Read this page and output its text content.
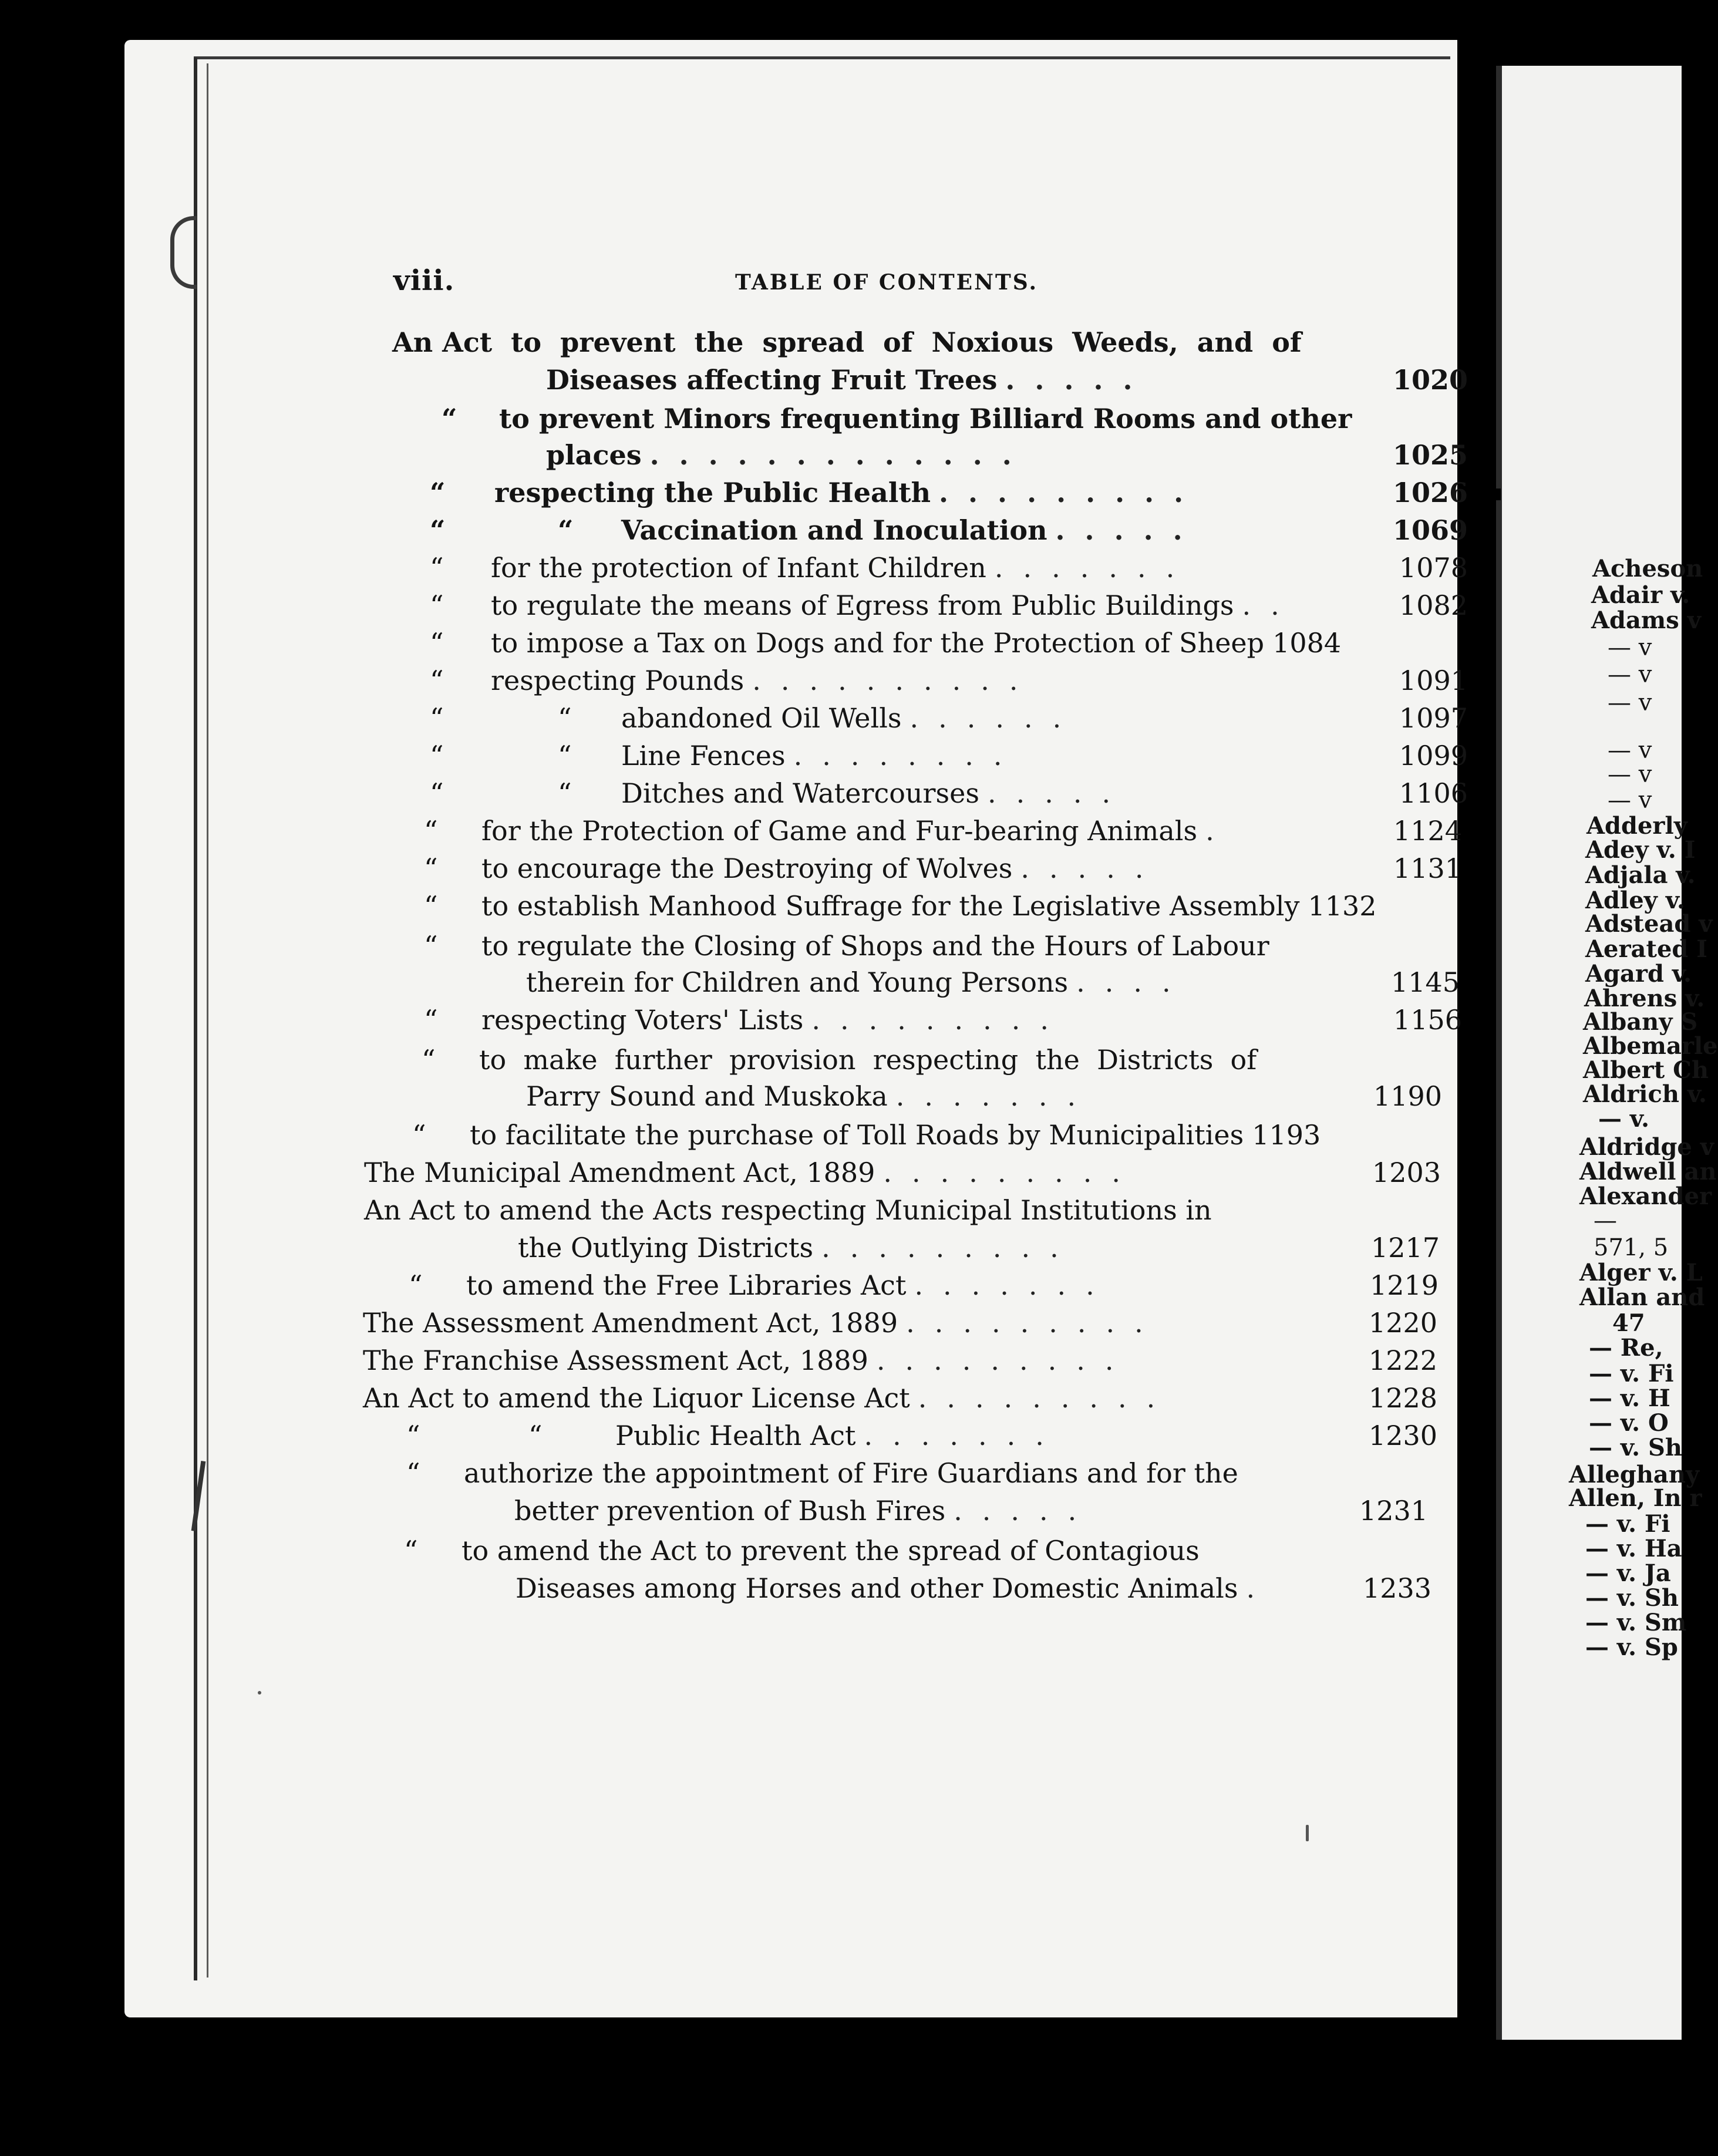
viii.	TABLE OF CONTENTS.
An Act  to  prevent  the  spread  of  Noxious  Weeds,  and  of
Diseases affecting Fruit Trees .....	1020
“	to prevent Minors frequenting Billiard Rooms and other
places .............	1025
“	respecting the Public Health .........	1026
“	“	Vaccination and Inoculation .....	1069
“	for the protection of Infant Children .......	1078
“	to regulate the means of Egress from Public Buildings ..	1082
“	to impose a Tax on Dogs and for the Protection of Sheep 1084
“	respecting Pounds ..........	1091
“	“	abandoned Oil Wells ......	1097
“	“	Line Fences ........	1099
“	“	Ditches and Watercourses .....	1106
“	for the Protection of Game and Fur-bearing Animals .	1124
“	to encourage the Destroying of Wolves .....	1131
“	to establish Manhood Suffrage for the Legislative Assembly 1132
“	to regulate the Closing of Shops and the Hours of Labour
therein for Children and Young Persons ....	1145
“	respecting Voters' Lists .........	1156
“	to  make  further  provision  respecting  the  Districts  of
Parry Sound and Muskoka .......	1190
“	to facilitate the purchase of Toll Roads by Municipalities 1193
The Municipal Amendment Act, 1889 .........	1203
An Act to amend the Acts respecting Municipal Institutions in
the Outlying Districts .........	1217
“	to amend the Free Libraries Act .......	1219
The Assessment Amendment Act, 1889 .........	1220
The Franchise Assessment Act, 1889 .........	1222
An Act to amend the Liquor License Act .........	1228
“	“	Public Health Act .......	1230
“	authorize the appointment of Fire Guardians and for the
better prevention of Bush Fires .....	1231
“	to amend the Act to prevent the spread of Contagious
Diseases among Horses and other Domestic Animals .	1233
Acheson
Adair v.
Adams v
— v
— v
— v
— v
— v
— v
Adderly
Adey v. I
Adjala v.
Adley v.
Adstead v
Aerated I
Agard v.
Ahrens v.
Albany S
Albemarle
Albert Ch
Aldrich v.
— v.
Aldridge v
Aldwell an
Alexander
—
571, 5
Alger v. L
Allan and
47
— Re,
— v. Fi
— v. H
— v. O
— v. Sh
Alleghany
Allen, In r
— v. Fi
— v. Ha
— v. Ja
— v. Sh
— v. Sm
— v. Sp
